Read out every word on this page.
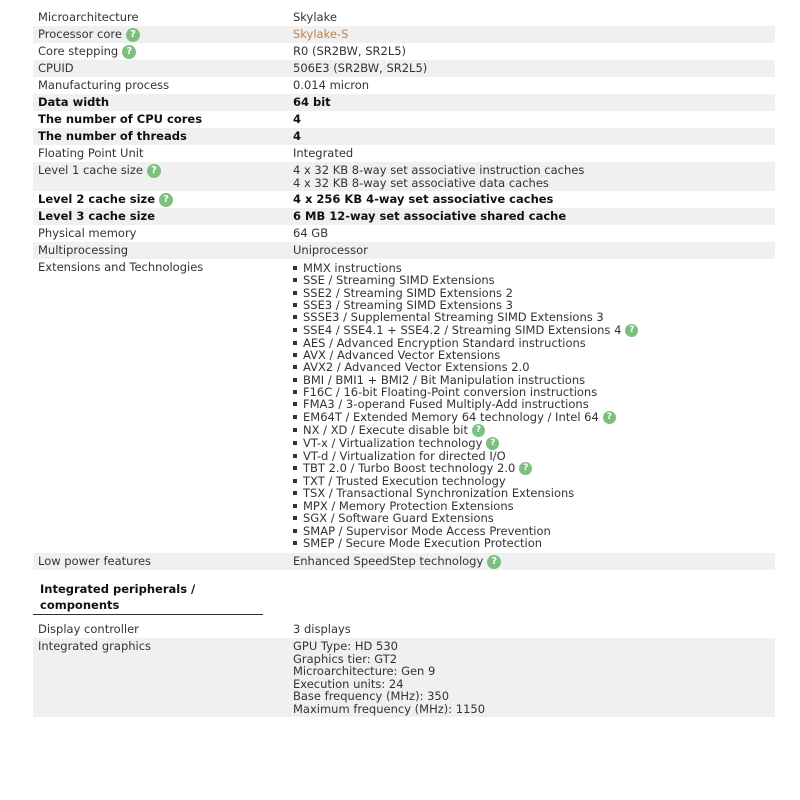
Microarchitecture	Skylake
Processor core ?	Skylake-S
Core stepping ?	R0 (SR2BW, SR2L5)
CPUID	506E3 (SR2BW, SR2L5)
Manufacturing process	0.014 micron
Data width	64 bit
The number of CPU cores	4
The number of threads	4
Floating Point Unit	Integrated
Level 1 cache size ?	4 x 32 KB 8-way set associative instruction caches
4 x 32 KB 8-way set associative data caches
Level 2 cache size ?	4 x 256 KB 4-way set associative caches
Level 3 cache size	6 MB 12-way set associative shared cache
Physical memory	64 GB
Multiprocessing	Uniprocessor
Extensions and Technologies	MMX instructions
SSE / Streaming SIMD Extensions
SSE2 / Streaming SIMD Extensions 2
SSE3 / Streaming SIMD Extensions 3
SSSE3 / Supplemental Streaming SIMD Extensions 3
SSE4 / SSE4.1 + SSE4.2 / Streaming SIMD Extensions 4 ?
AES / Advanced Encryption Standard instructions
AVX / Advanced Vector Extensions
AVX2 / Advanced Vector Extensions 2.0
BMI / BMI1 + BMI2 / Bit Manipulation instructions
F16C / 16-bit Floating-Point conversion instructions
FMA3 / 3-operand Fused Multiply-Add instructions
EM64T / Extended Memory 64 technology / Intel 64 ?
NX / XD / Execute disable bit ?
VT-x / Virtualization technology ?
VT-d / Virtualization for directed I/O
TBT 2.0 / Turbo Boost technology 2.0 ?
TXT / Trusted Execution technology
TSX / Transactional Synchronization Extensions
MPX / Memory Protection Extensions
SGX / Software Guard Extensions
SMAP / Supervisor Mode Access Prevention
SMEP / Secure Mode Execution Protection
Low power features	Enhanced SpeedStep technology ?
Integrated peripherals / components
Display controller	3 displays
Integrated graphics	GPU Type: HD 530
Graphics tier: GT2
Microarchitecture: Gen 9
Execution units: 24
Base frequency (MHz): 350
Maximum frequency (MHz): 1150
